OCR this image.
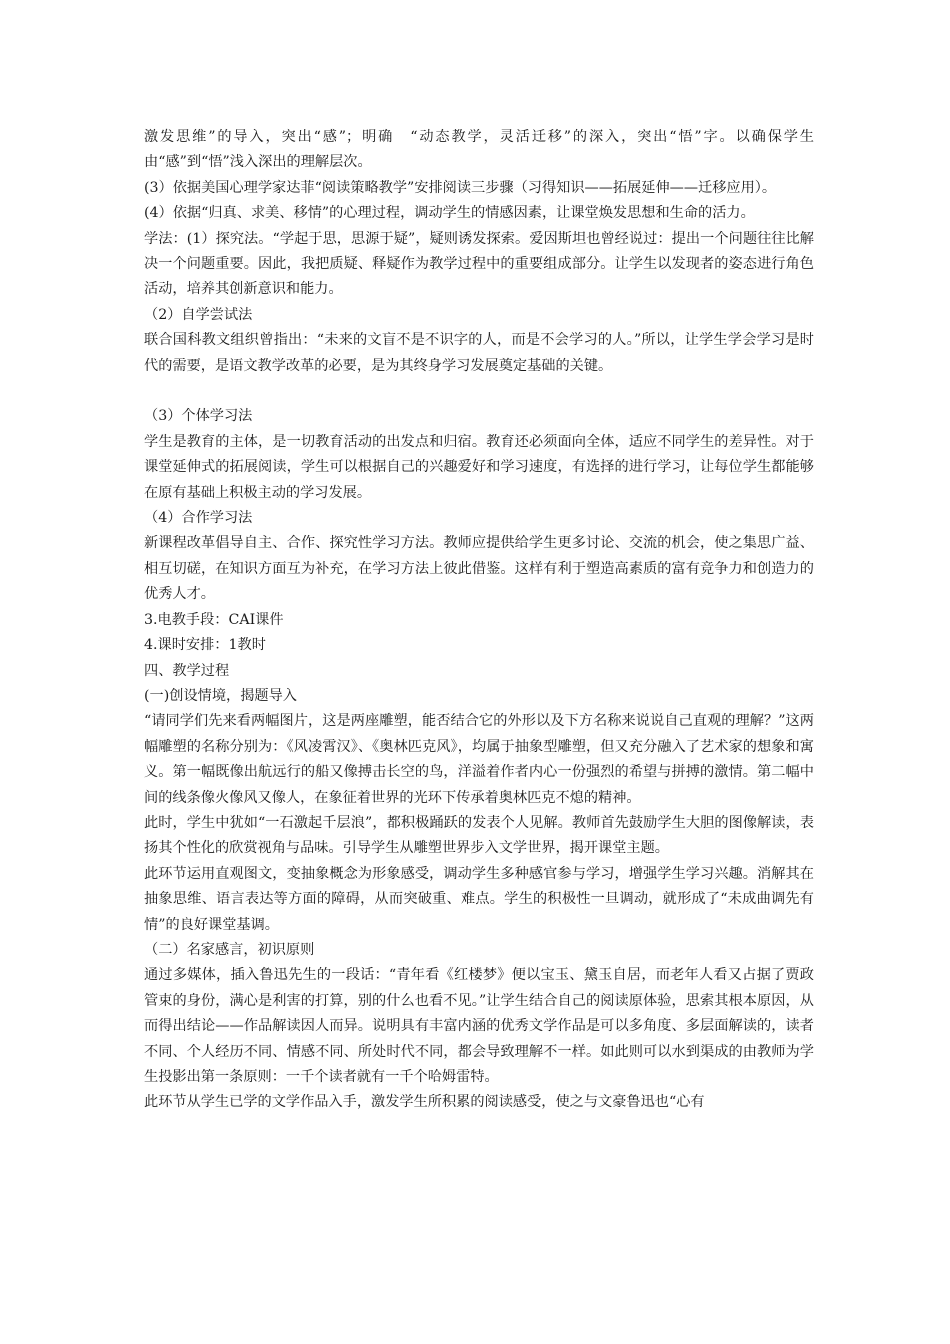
激发思维”的导入，突出“感”；明确　“动态教学，灵活迁移”的深入，突出“悟”字。以确保学生由“感”到“悟”浅入深出的理解层次。

(3）依据美国心理学家达菲“阅读策略教学”安排阅读三步骤（习得知识——拓展延伸——迁移应用）。

(4）依据“归真、求美、移情”的心理过程，调动学生的情感因素，让课堂焕发思想和生命的活力。

学法：(1）探究法。“学起于思，思源于疑”，疑则诱发探索。爱因斯坦也曾经说过：提出一个问题往往比解决一个问题重要。因此，我把质疑、释疑作为教学过程中的重要组成部分。让学生以发现者的姿态进行角色活动，培养其创新意识和能力。

（2）自学尝试法

联合国科教文组织曾指出：“未来的文盲不是不识字的人，而是不会学习的人。”所以，让学生学会学习是时代的需要，是语文教学改革的必要，是为其终身学习发展奠定基础的关键。

（3）个体学习法

学生是教育的主体，是一切教育活动的出发点和归宿。教育还必须面向全体，适应不同学生的差异性。对于课堂延伸式的拓展阅读，学生可以根据自己的兴趣爱好和学习速度，有选择的进行学习，让每位学生都能够在原有基础上积极主动的学习发展。

（4）合作学习法

新课程改革倡导自主、合作、探究性学习方法。教师应提供给学生更多讨论、交流的机会，使之集思广益、相互切磋，在知识方面互为补充，在学习方法上彼此借鉴。这样有利于塑造高素质的富有竞争力和创造力的优秀人才。

3.电教手段：CAI课件

4.课时安排：1教时

四、教学过程

(一)创设情境，揭题导入

“请同学们先来看两幅图片，这是两座雕塑，能否结合它的外形以及下方名称来说说自己直观的理解？”这两幅雕塑的名称分别为：《风凌霄汉》、《奥林匹克风》，均属于抽象型雕塑，但又充分融入了艺术家的想象和寓义。第一幅既像出航远行的船又像搏击长空的鸟，洋溢着作者内心一份强烈的希望与拼搏的激情。第二幅中间的线条像火像风又像人，在象征着世界的光环下传承着奥林匹克不熄的精神。

此时，学生中犹如“一石激起千层浪”，都积极踊跃的发表个人见解。教师首先鼓励学生大胆的图像解读，表扬其个性化的欣赏视角与品味。引导学生从雕塑世界步入文学世界，揭开课堂主题。

此环节运用直观图文，变抽象概念为形象感受，调动学生多种感官参与学习，增强学生学习兴趣。消解其在抽象思维、语言表达等方面的障碍，从而突破重、难点。学生的积极性一旦调动，就形成了“未成曲调先有情”的良好课堂基调。

（二）名家感言，初识原则

通过多媒体，插入鲁迅先生的一段话：“青年看《红楼梦》便以宝玉、黛玉自居，而老年人看又占据了贾政管束的身份，满心是利害的打算，别的什么也看不见。”让学生结合自己的阅读原体验，思索其根本原因，从而得出结论——作品解读因人而异。说明具有丰富内涵的优秀文学作品是可以多角度、多层面解读的，读者不同、个人经历不同、情感不同、所处时代不同，都会导致理解不一样。如此则可以水到渠成的由教师为学生投影出第一条原则：一千个读者就有一千个哈姆雷特。

此环节从学生已学的文学作品入手，激发学生所积累的阅读感受，使之与文豪鲁迅也“心有
